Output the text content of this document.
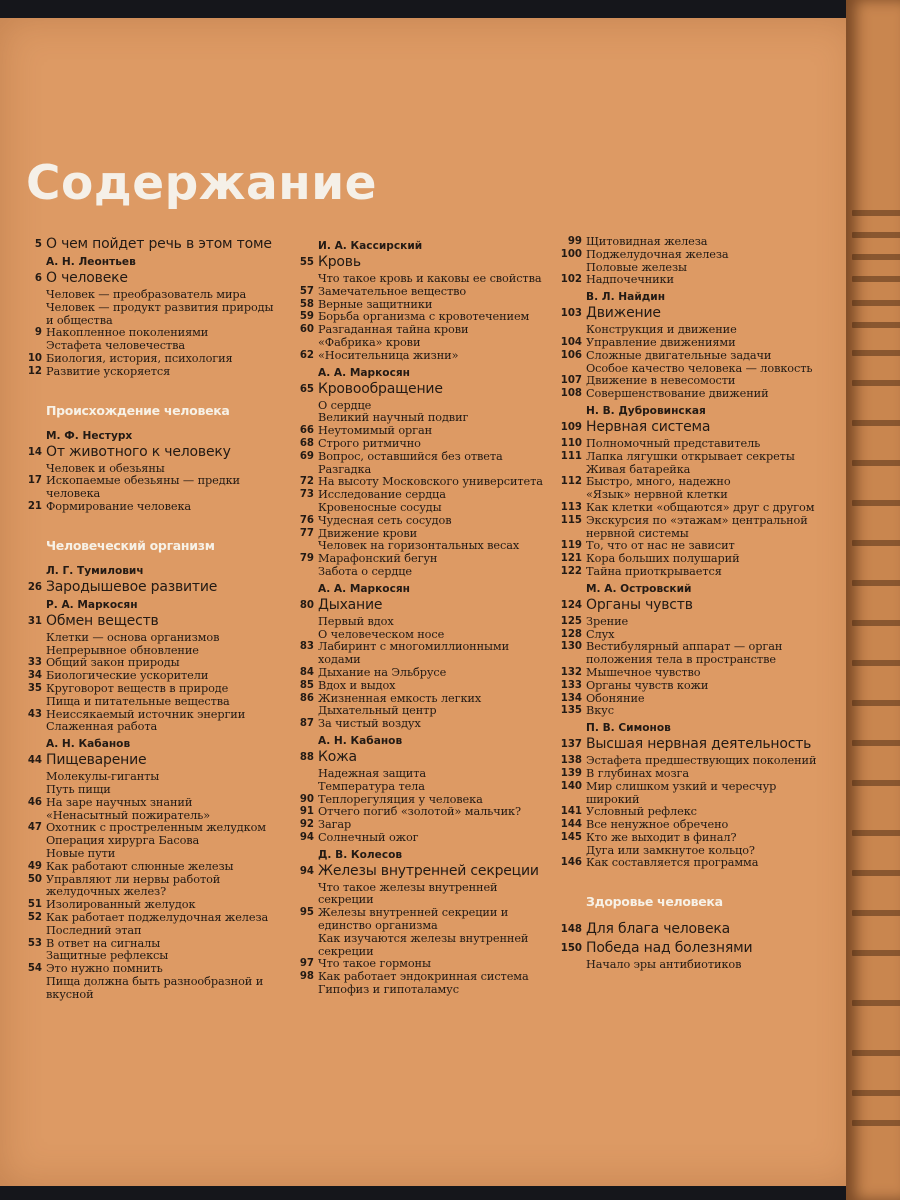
Содержание
5 О чем пойдет речь в этом томе
А. Н. Леонтьев
6 О человеке
Человек — преобразователь мира
Человек — продукт развития природы и общества
9 Накопленное поколениями
Эстафета человечества
10 Биология, история, психология
12 Развитие ускоряется
Происхождение человека
М. Ф. Нестурх
14 От животного к человеку
Человек и обезьяны
17 Ископаемые обезьяны — предки человека
21 Формирование человека
Человеческий организм
Л. Г. Тумилович
26 Зародышевое развитие
Р. А. Маркосян
31 Обмен веществ
Клетки — основа организмов
Непрерывное обновление
33 Общий закон природы
34 Биологические ускорители
35 Круговорот веществ в природе
Пища и питательные вещества
43 Неиссякаемый источник энергии
Слаженная работа
А. Н. Кабанов
44 Пищеварение
Молекулы-гиганты
Путь пищи
46 На заре научных знаний
«Ненасытный пожиратель»
47 Охотник с простреленным желудком
Операция хирурга Басова
Новые пути
49 Как работают слюнные железы
50 Управляют ли нервы работой желудочных желез?
51 Изолированный желудок
52 Как работает поджелудочная железа
Последний этап
53 В ответ на сигналы
Защитные рефлексы
54 Это нужно помнить
Пища должна быть разнообразной и вкусной
И. А. Кассирский
55 Кровь
Что такое кровь и каковы ее свойства
57 Замечательное вещество
58 Верные защитники
59 Борьба организма с кровотечением
60 Разгаданная тайна крови
«Фабрика» крови
62 «Носительница жизни»
А. А. Маркосян
65 Кровообращение
О сердце
Великий научный подвиг
66 Неутомимый орган
68 Строго ритмично
69 Вопрос, оставшийся без ответа
Разгадка
72 На высоту Московского университета
73 Исследование сердца
Кровеносные сосуды
76 Чудесная сеть сосудов
77 Движение крови
Человек на горизонтальных весах
79 Марафонский бегун
Забота о сердце
А. А. Маркосян
80 Дыхание
Первый вдох
О человеческом носе
83 Лабиринт с многомиллионными ходами
84 Дыхание на Эльбрусе
85 Вдох и выдох
86 Жизненная емкость легких
Дыхательный центр
87 За чистый воздух
А. Н. Кабанов
88 Кожа
Надежная защита
Температура тела
90 Теплорегуляция у человека
91 Отчего погиб «золотой» мальчик?
92 Загар
94 Солнечный ожог
Д. В. Колесов
94 Железы внутренней секреции
Что такое железы внутренней секреции
95 Железы внутренней секреции и единство организма
Как изучаются железы внутренней секреции
97 Что такое гормоны
98 Как работает эндокринная система
Гипофиз и гипоталамус
99 Щитовидная железа
100 Поджелудочная железа
Половые железы
102 Надпочечники
В. Л. Найдин
103 Движение
Конструкция и движение
104 Управление движениями
106 Сложные двигательные задачи
Особое качество человека — ловкость
107 Движение в невесомости
108 Совершенствование движений
Н. В. Дубровинская
109 Нервная система
110 Полномочный представитель
111 Лапка лягушки открывает секреты
Живая батарейка
112 Быстро, много, надежно
«Язык» нервной клетки
113 Как клетки «общаются» друг с другом
115 Экскурсия по «этажам» центральной нервной системы
119 То, что от нас не зависит
121 Кора больших полушарий
122 Тайна приоткрывается
М. А. Островский
124 Органы чувств
125 Зрение
128 Слух
130 Вестибулярный аппарат — орган положения тела в пространстве
132 Мышечное чувство
133 Органы чувств кожи
134 Обоняние
135 Вкус
П. В. Симонов
137 Высшая нервная деятельность
138 Эстафета предшествующих поколений
139 В глубинах мозга
140 Мир слишком узкий и чересчур широкий
141 Условный рефлекс
144 Все ненужное обречено
145 Кто же выходит в финал?
Дуга или замкнутое кольцо?
146 Как составляется программа
Здоровье человека
148 Для блага человека
150 Победа над болезнями
Начало эры антибиотиков
